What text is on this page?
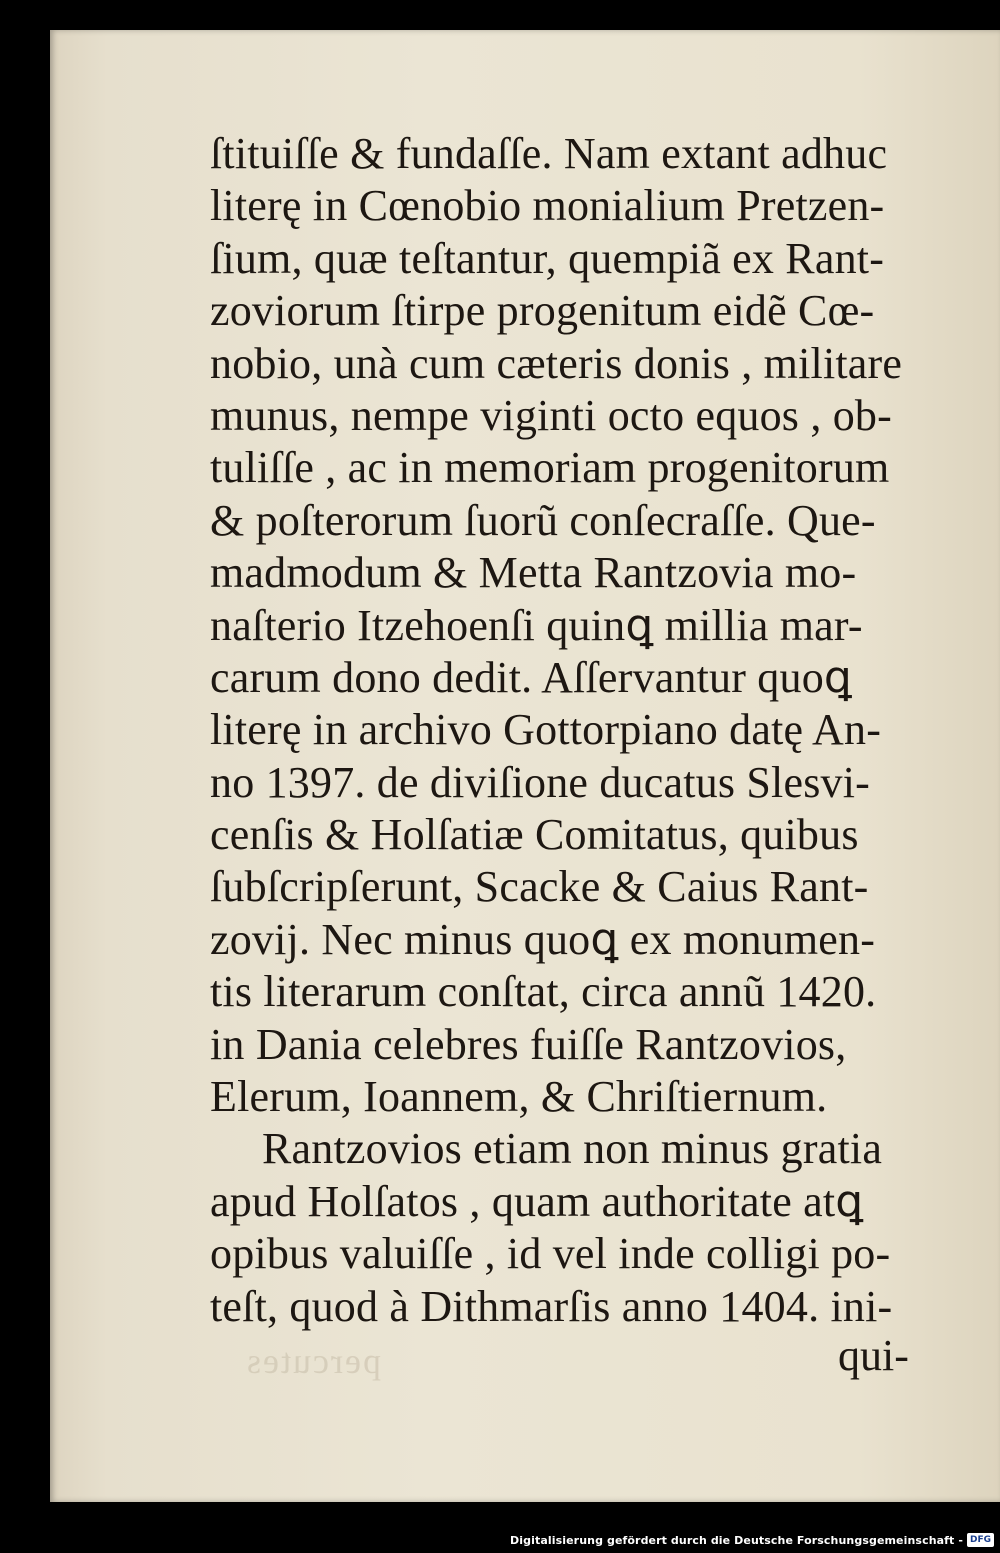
ſtituiſſe & fundaſſe. Nam extant adhuc
literę in Cœnobio monialium Pretzen-
ſium, quæ teſtantur, quempiã ex Rant-
zoviorum ſtirpe progenitum eidẽ Cœ-
nobio, unà cum cæteris donis , militare
munus, nempe viginti octo equos , ob-
tuliſſe , ac in memoriam progenitorum
& poſterorum ſuorũ conſecraſſe. Que-
madmodum & Metta Rantzovia mo-
naſterio Itzehoenſi quinꝗ millia mar-
carum dono dedit. Aſſervantur quoꝗ
literę in archivo Gottorpiano datę An-
no 1397. de diviſione ducatus Slesvi-
cenſis & Holſatiæ Comitatus, quibus
ſubſcripſerunt, Scacke & Caius Rant-
zovij. Nec minus quoꝗ ex monumen-
tis literarum conſtat, circa annũ 1420.
in Dania celebres fuiſſe Rantzovios,
Elerum, Ioannem, & Chriſtiernum.
Rantzovios etiam non minus gratia
apud Holſatos , quam authoritate atꝗ
opibus valuiſſe , id vel inde colligi po-
teſt, quod à Dithmarſis anno 1404. ini-
percutes	qui-
Digitalisierung gefördert durch die Deutsche Forschungsgemeinschaft - DFG
